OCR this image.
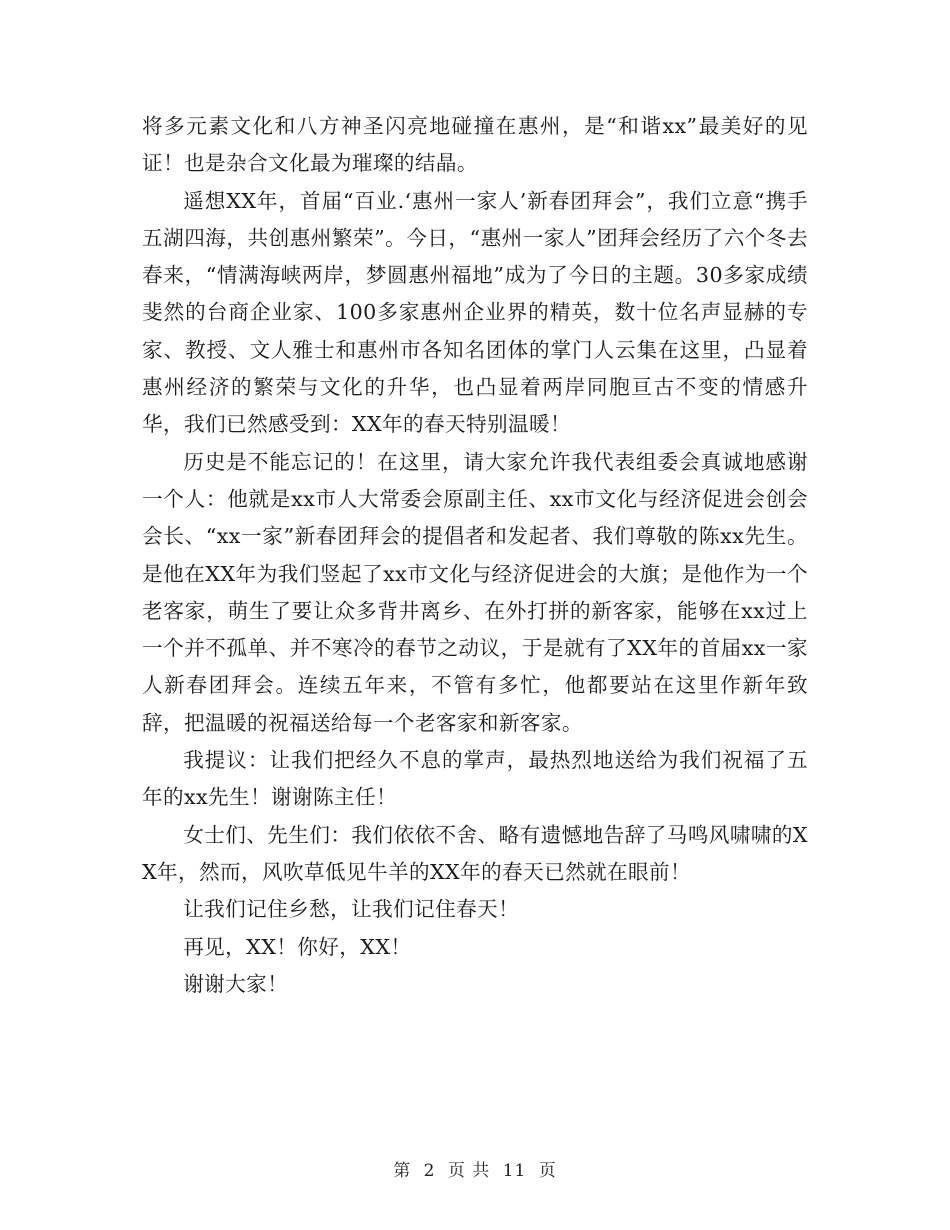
将多元素文化和八方神圣闪亮地碰撞在惠州，是“和谐xx”最美好的见证！也是杂合文化最为璀璨的结晶。

遥想XX年，首届“百业.‘惠州一家人’新春团拜会”，我们立意“携手五湖四海，共创惠州繁荣”。今日，“惠州一家人”团拜会经历了六个冬去春来，“情满海峡两岸，梦圆惠州福地”成为了今日的主题。30多家成绩斐然的台商企业家、100多家惠州企业界的精英，数十位名声显赫的专家、教授、文人雅士和惠州市各知名团体的掌门人云集在这里，凸显着惠州经济的繁荣与文化的升华，也凸显着两岸同胞亘古不变的情感升华，我们已然感受到：XX年的春天特别温暖！

历史是不能忘记的！在这里，请大家允许我代表组委会真诚地感谢一个人：他就是xx市人大常委会原副主任、xx市文化与经济促进会创会会长、“xx一家”新春团拜会的提倡者和发起者、我们尊敬的陈xx先生。是他在XX年为我们竖起了xx市文化与经济促进会的大旗；是他作为一个老客家，萌生了要让众多背井离乡、在外打拼的新客家，能够在xx过上一个并不孤单、并不寒冷的春节之动议，于是就有了XX年的首届xx一家人新春团拜会。连续五年来，不管有多忙，他都要站在这里作新年致辞，把温暖的祝福送给每一个老客家和新客家。

我提议：让我们把经久不息的掌声，最热烈地送给为我们祝福了五年的xx先生！谢谢陈主任！

女士们、先生们：我们依依不舍、略有遗憾地告辞了马鸣风啸啸的XX年，然而，风吹草低见牛羊的XX年的春天已然就在眼前！

让我们记住乡愁，让我们记住春天！

再见，XX！你好，XX！

谢谢大家！

第 2 页 共 11 页
